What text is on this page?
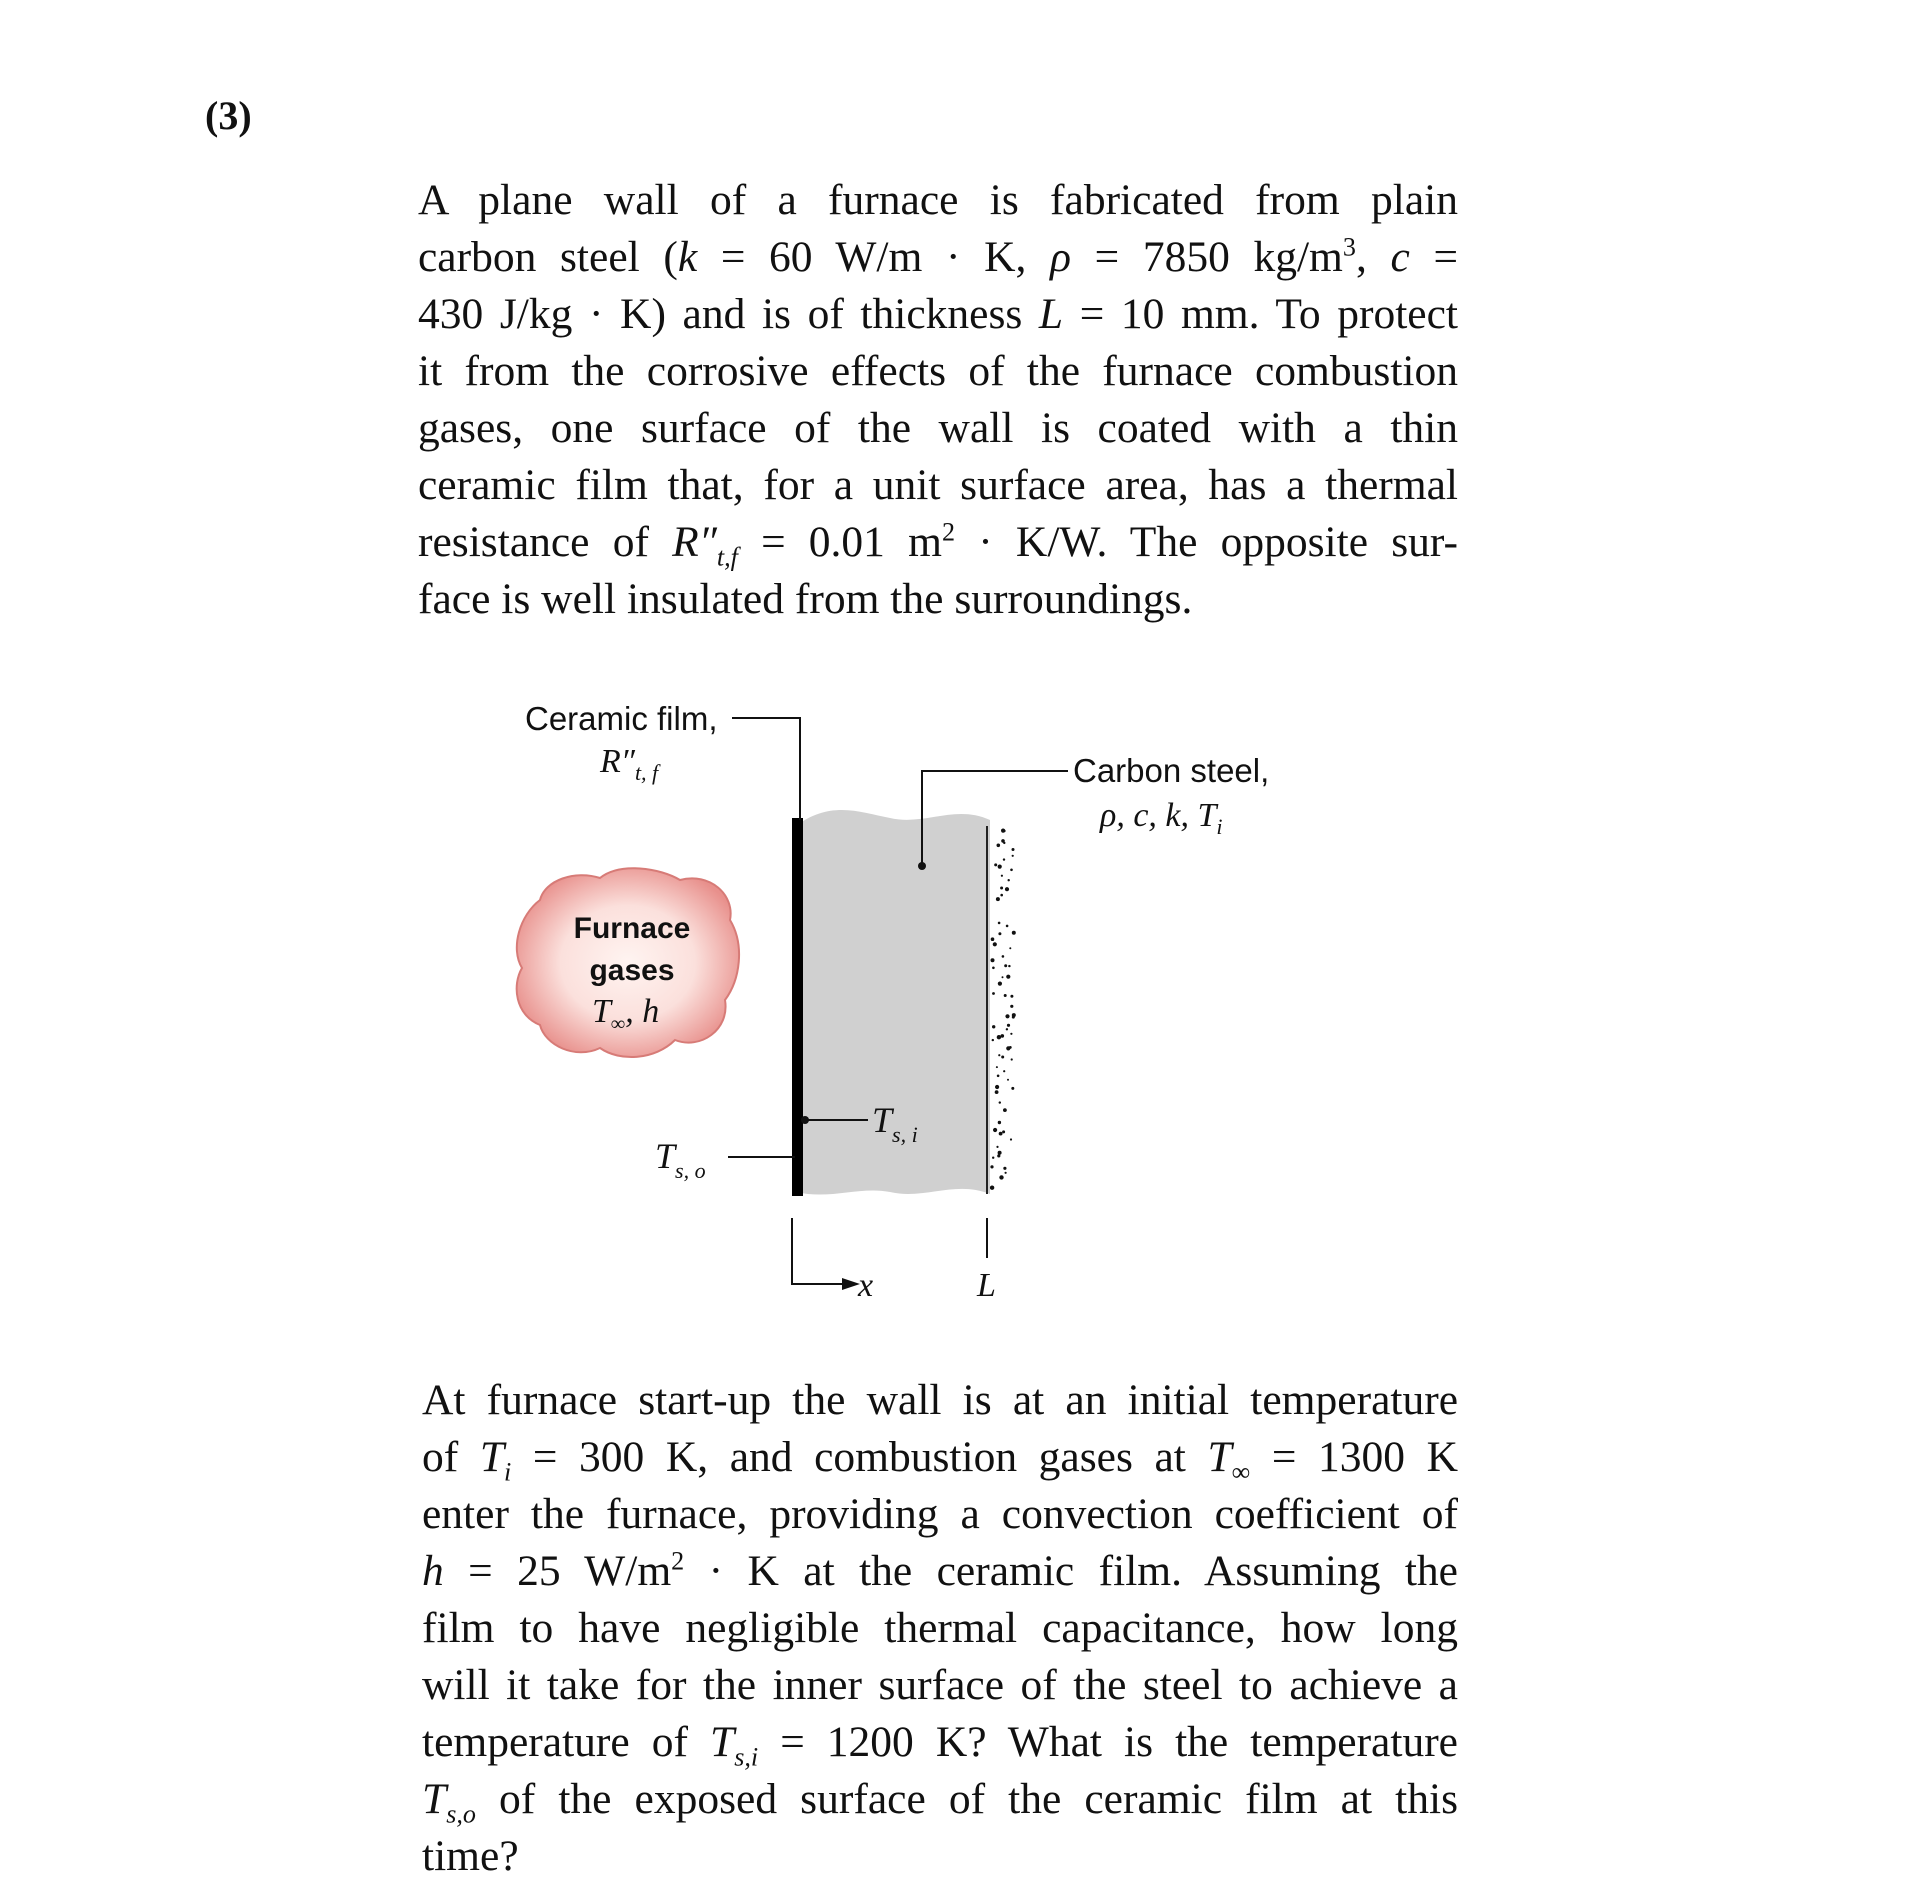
(3)
A plane wall of a furnace is fabricated from plain
carbon steel (k = 60 W/m · K, ρ = 7850 $kg/m^3$, c =
430 J/kg · K) and is of thickness L = 10 mm. To protect
it from the corrosive effects of the furnace combustion
gases, one surface of the wall is coated with a thin
ceramic film that, for a unit surface area, has a thermal
resistance of $R''_{t,f} = 0.01$ $m^2 \cdot K/W$. The opposite sur-
face is well insulated from the surroundings.
Ceramic film,
$R''_{t, f}$	Carbon steel,
ρ, c, k, $T_i$
Furnace
gases
$T_\infty$, h
$T_{s, i}$
$T_{s, o}$
x	L
At furnace start-up the wall is at an initial temperature
of $T_i = 300$ K, and combustion gases at $T_\infty = 1300$ K
enter the furnace, providing a convection coefficient of
h = 25 $W/m^2 \cdot K$ at the ceramic film. Assuming the
film to have negligible thermal capacitance, how long
will it take for the inner surface of the steel to achieve a
temperature of $T_{s,i} = 1200$ K? What is the temperature
$T_{s,o}$ of the exposed surface of the ceramic film at this
time?
